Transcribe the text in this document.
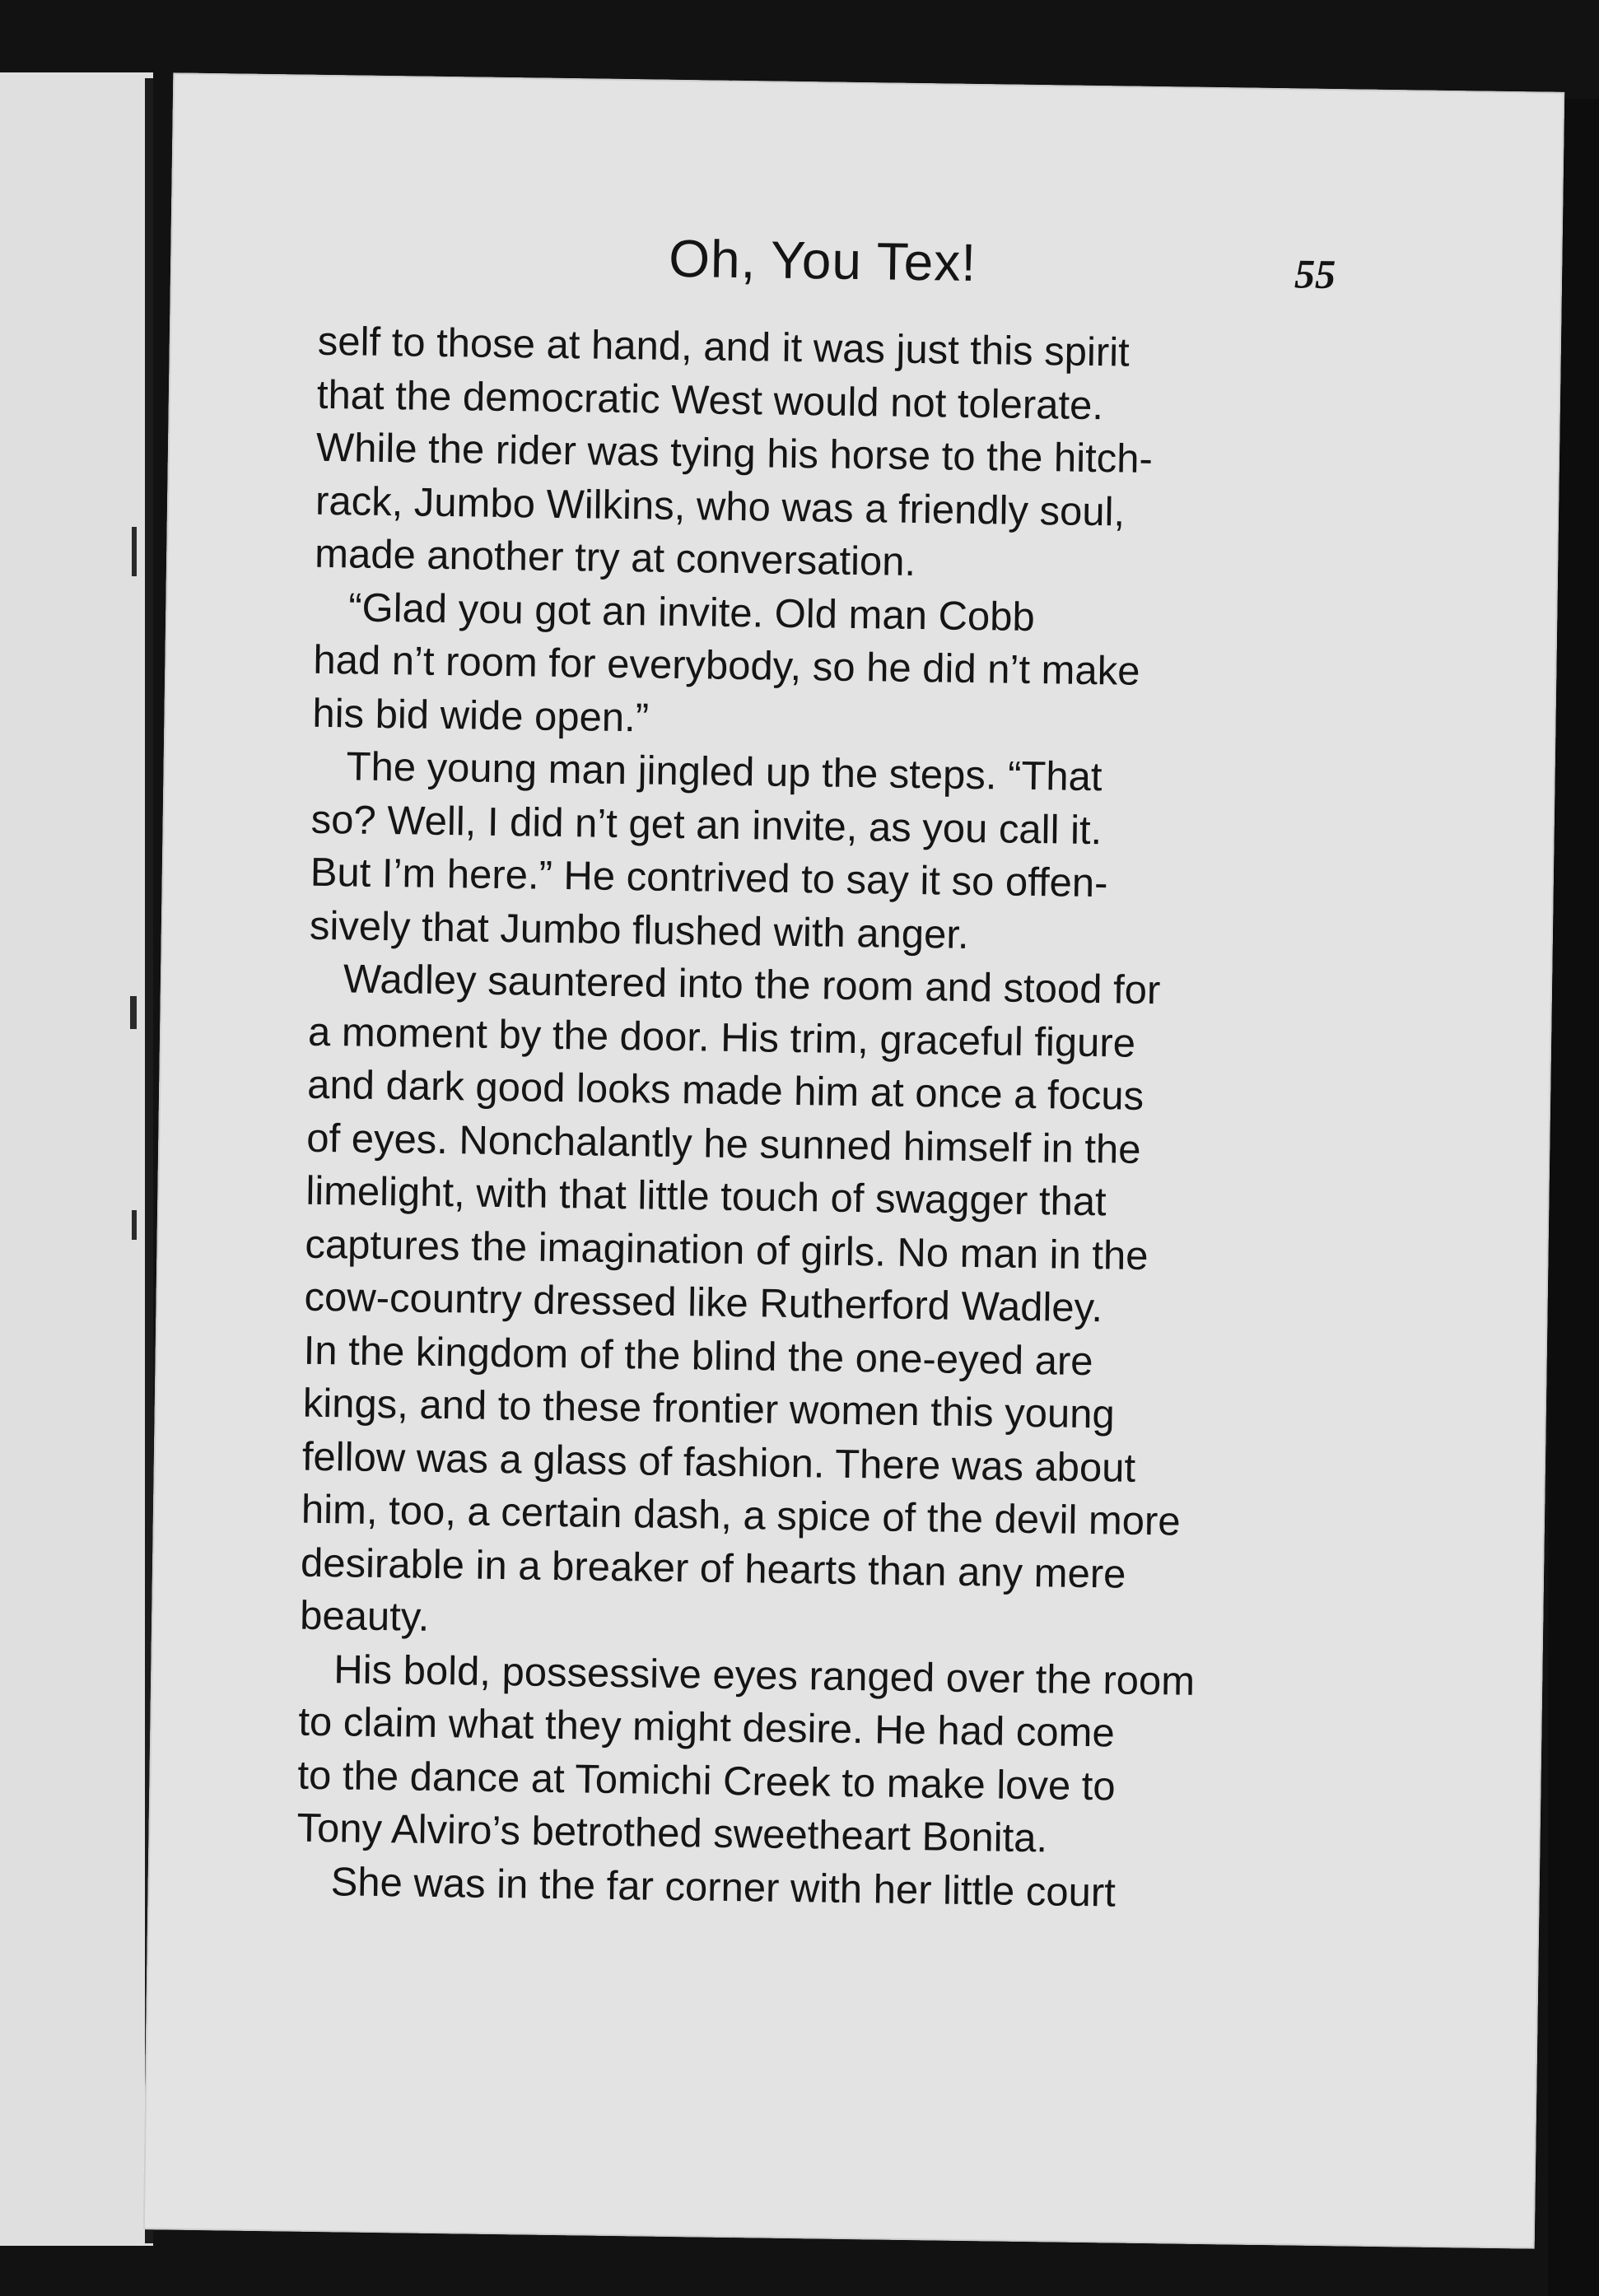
Oh, You Tex!	55

self to those at hand, and it was just this spirit
that the democratic West would not tolerate.
While the rider was tying his horse to the hitch-
rack, Jumbo Wilkins, who was a friendly soul,
made another try at conversation.

“Glad you got an invite. Old man Cobb
had n’t room for everybody, so he did n’t make
his bid wide open.”

The young man jingled up the steps. “That
so? Well, I did n’t get an invite, as you call it.
But I’m here.” He contrived to say it so offen-
sively that Jumbo flushed with anger.

Wadley sauntered into the room and stood for
a moment by the door. His trim, graceful figure
and dark good looks made him at once a focus
of eyes. Nonchalantly he sunned himself in the
limelight, with that little touch of swagger that
captures the imagination of girls. No man in the
cow-country dressed like Rutherford Wadley.
In the kingdom of the blind the one-eyed are
kings, and to these frontier women this young
fellow was a glass of fashion. There was about
him, too, a certain dash, a spice of the devil more
desirable in a breaker of hearts than any mere
beauty.

His bold, possessive eyes ranged over the room
to claim what they might desire. He had come
to the dance at Tomichi Creek to make love to
Tony Alviro’s betrothed sweetheart Bonita.

She was in the far corner with her little court
